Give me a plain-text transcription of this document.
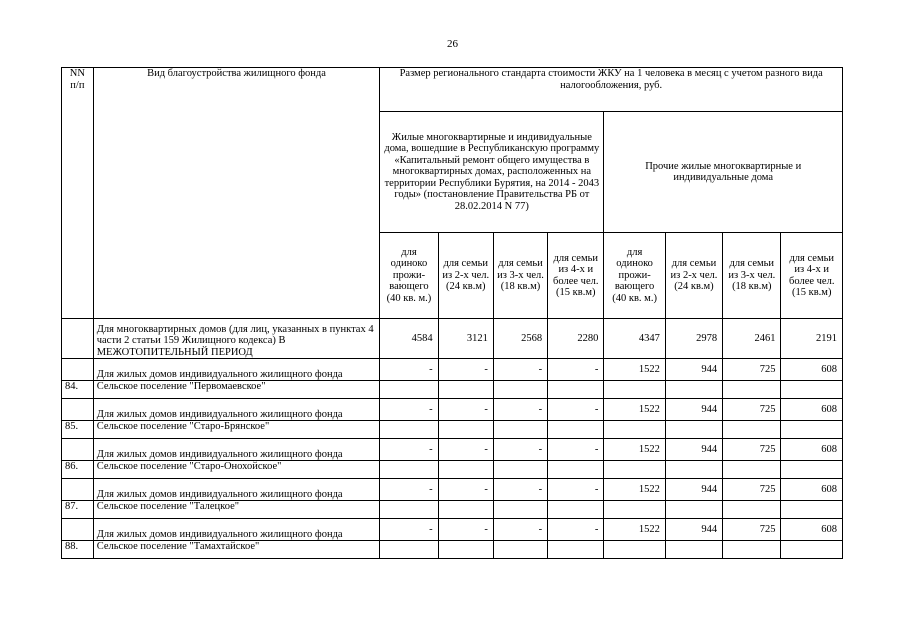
26
NN п/п	Вид благоустройства жилищного фонда	Размер регионального стандарта стоимости ЖКУ на 1 человека в месяц с учетом разного вида налогообложения, руб.							
		Жилые многоквартирные и индивидуальные дома, вошедшие в Республиканскую программу «Капитальный ремонт общего имущества в многоквартирных домах, расположенных на территории Республики Бурятия, на 2014 - 2043 годы» (постановление Правительства РБ от 28.02.2014 N 77)				Прочие жилые многоквартирные и индивидуальные дома			
		для одиноко прожи-вающего (40 кв. м.)	для семьи из 2-х чел. (24 кв.м)	для семьи из 3-х чел. (18 кв.м)	для семьи из 4-х и более чел. (15 кв.м)	для одиноко прожи-вающего (40 кв. м.)	для семьи из 2-х чел. (24 кв.м)	для семьи из 3-х чел. (18 кв.м)	для семьи из 4-х и более чел. (15 кв.м)
	Для многоквартирных домов (для лиц, указанных в пунктах 4 части 2 статьи 159 Жилищного кодекса) В МЕЖОТОПИТЕЛЬНЫЙ ПЕРИОД	4584	3121	2568	2280	4347	2978	2461	2191
	Для жилых домов индивидуального жилищного фонда	-	-	-	-	1522	944	725	608
84.	Сельское поселение "Первомаевское"								
	Для жилых домов индивидуального жилищного фонда	-	-	-	-	1522	944	725	608
85.	Сельское поселение "Старо-Брянское"								
	Для жилых домов индивидуального жилищного фонда	-	-	-	-	1522	944	725	608
86.	Сельское поселение "Старо-Онохойское"								
	Для жилых домов индивидуального жилищного фонда	-	-	-	-	1522	944	725	608
87.	Сельское поселение "Талецкое"								
	Для жилых домов индивидуального жилищного фонда	-	-	-	-	1522	944	725	608
88.	Сельское поселение "Тамахтайское"								
